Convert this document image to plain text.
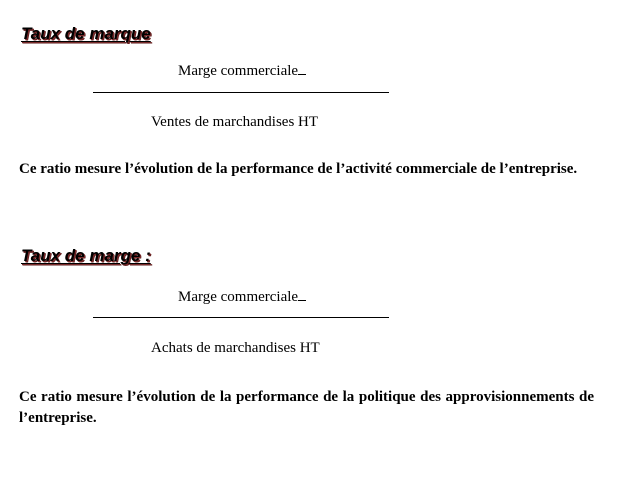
Taux de marque
Marge commerciale
Ventes de marchandises HT
Ce ratio mesure l’évolution de la performance de l’activité commerciale de l’entreprise.
Taux de marge :
Marge commerciale
Achats de marchandises HT
Ce ratio mesure l’évolution de la performance de la politique des approvisionnements de l’entreprise.
